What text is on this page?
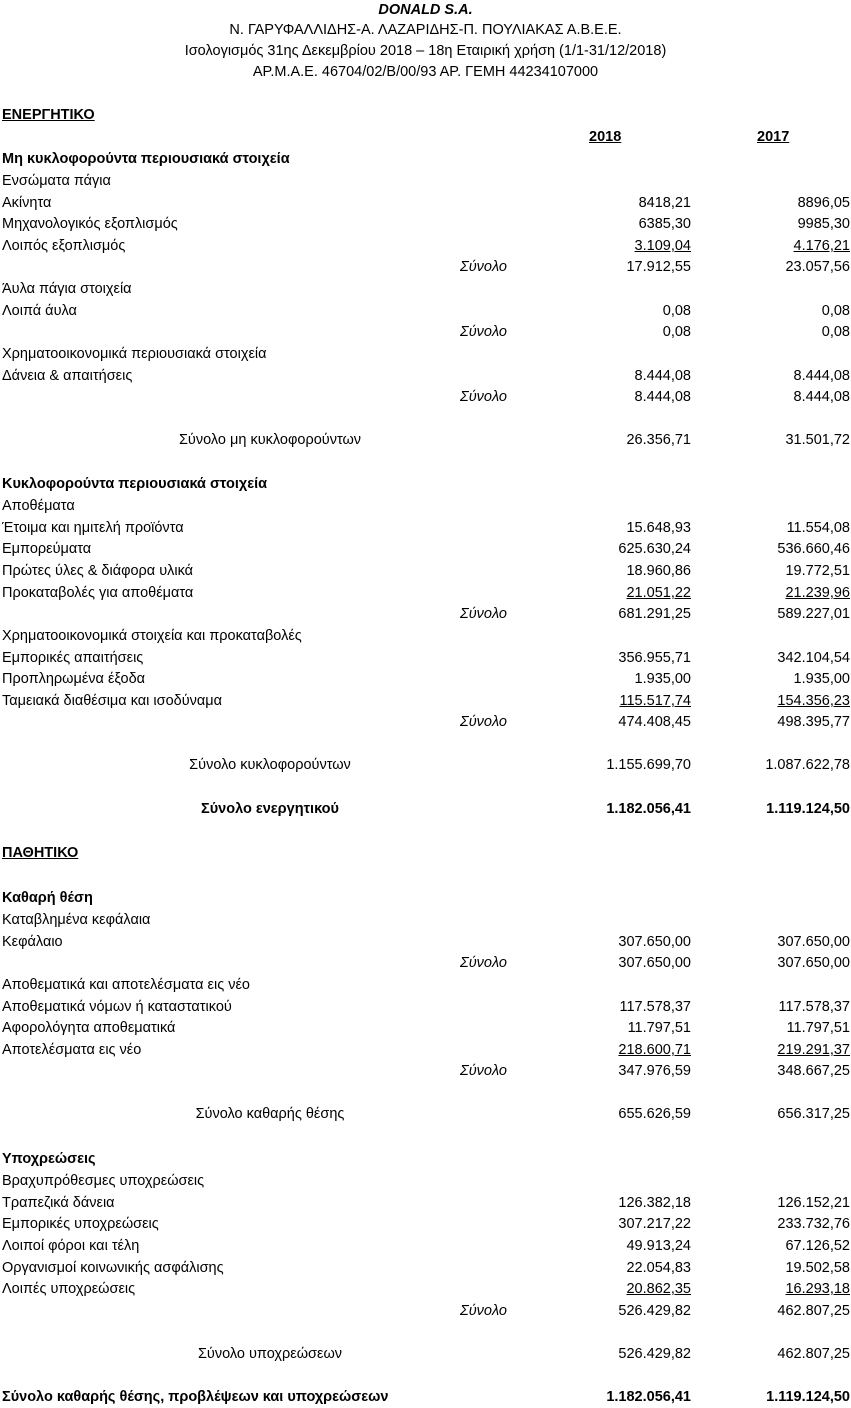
DONALD S.A.
Ν. ΓΑΡΥΦΑΛΛΙΔΗΣ-Α. ΛΑΖΑΡΙΔΗΣ-Π. ΠΟΥΛΙΑΚΑΣ Α.Β.Ε.Ε.
Ισολογισμός 31ης Δεκεμβρίου 2018 – 18η Εταιρική χρήση (1/1-31/12/2018)
ΑΡ.Μ.Α.Ε. 46704/02/Β/00/93 ΑΡ. ΓΕΜΗ 44234107000
2018	2017
ΕΝΕΡΓΗΤΙΚΟ
Μη κυκλοφορούντα περιουσιακά στοιχεία
Ενσώματα πάγια
Ακίνητα	8418,21	8896,05
Μηχανολογικός εξοπλισμός	6385,30	9985,30
Λοιπός εξοπλισμός	3.109,04	4.176,21
Σύνολο	17.912,55	23.057,56
Άυλα πάγια στοιχεία
Λοιπά άυλα	0,08	0,08
Σύνολο	0,08	0,08
Χρηματοοικονομικά περιουσιακά στοιχεία
Δάνεια & απαιτήσεις	8.444,08	8.444,08
Σύνολο	8.444,08	8.444,08
Σύνολο μη κυκλοφορούντων	26.356,71	31.501,72
Κυκλοφορούντα περιουσιακά στοιχεία
Αποθέματα
Έτοιμα και ημιτελή προϊόντα	15.648,93	11.554,08
Εμπορεύματα	625.630,24	536.660,46
Πρώτες ύλες & διάφορα υλικά	18.960,86	19.772,51
Προκαταβολές για αποθέματα	21.051,22	21.239,96
Σύνολο	681.291,25	589.227,01
Χρηματοοικονομικά στοιχεία και προκαταβολές
Εμπορικές απαιτήσεις	356.955,71	342.104,54
Προπληρωμένα έξοδα	1.935,00	1.935,00
Ταμειακά διαθέσιμα και ισοδύναμα	115.517,74	154.356,23
Σύνολο	474.408,45	498.395,77
Σύνολο κυκλοφορούντων	1.155.699,70	1.087.622,78
Σύνολο ενεργητικού	1.182.056,41	1.119.124,50
ΠΑΘΗΤΙΚΟ
Καθαρή θέση
Καταβλημένα κεφάλαια
Κεφάλαιο	307.650,00	307.650,00
Σύνολο	307.650,00	307.650,00
Αποθεματικά και αποτελέσματα εις νέο
Αποθεματικά νόμων ή καταστατικού	117.578,37	117.578,37
Αφορολόγητα αποθεματικά	11.797,51	11.797,51
Αποτελέσματα εις νέο	218.600,71	219.291,37
Σύνολο	347.976,59	348.667,25
Σύνολο καθαρής θέσης	655.626,59	656.317,25
Υποχρεώσεις
Βραχυπρόθεσμες υποχρεώσεις
Τραπεζικά δάνεια	126.382,18	126.152,21
Εμπορικές υποχρεώσεις	307.217,22	233.732,76
Λοιποί φόροι και τέλη	49.913,24	67.126,52
Οργανισμοί κοινωνικής ασφάλισης	22.054,83	19.502,58
Λοιπές υποχρεώσεις	20.862,35	16.293,18
Σύνολο	526.429,82	462.807,25
Σύνολο υποχρεώσεων	526.429,82	462.807,25
Σύνολο καθαρής θέσης, προβλέψεων και υποχρεώσεων	1.182.056,41	1.119.124,50
